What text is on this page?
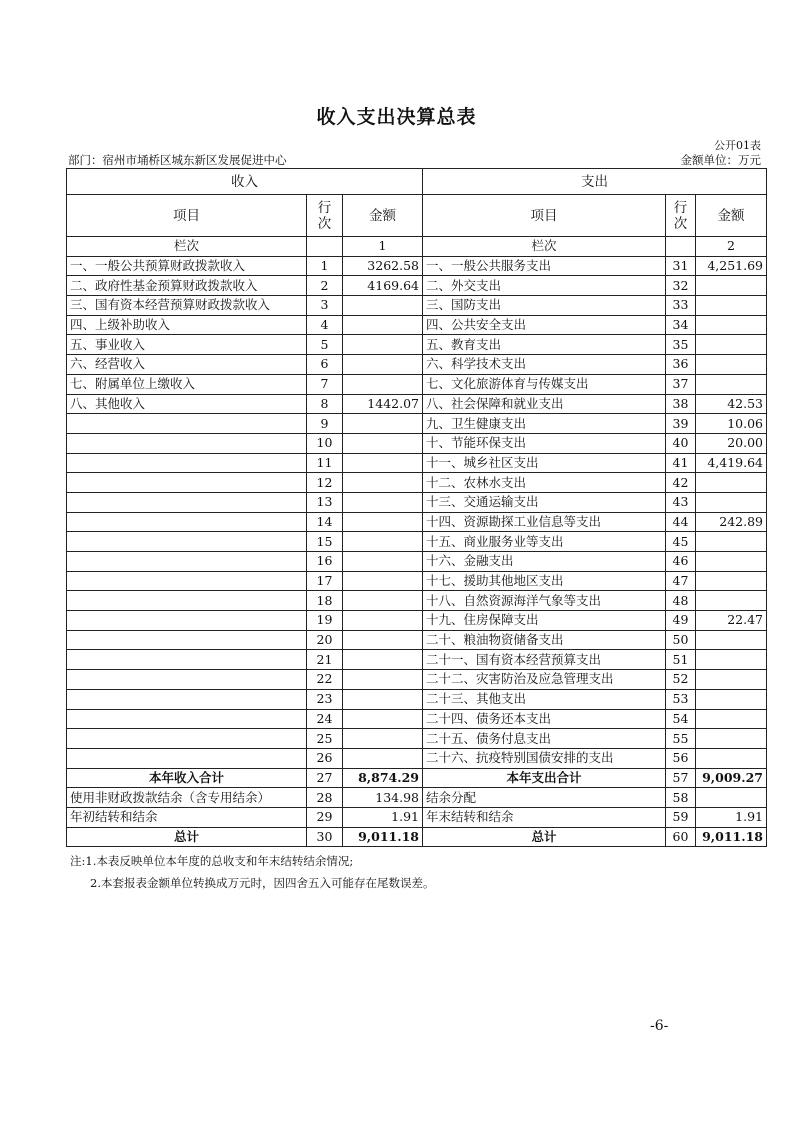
收入支出决算总表
公开01表
部门：宿州市埇桥区城东新区发展促进中心	金额单位：万元
收入			支出		
项目	行次	金额	项目	行次	金额
栏次		1	栏次		2
一、一般公共预算财政拨款收入	1	3262.58	一、一般公共服务支出	31	4,251.69
二、政府性基金预算财政拨款收入	2	4169.64	二、外交支出	32	
三、国有资本经营预算财政拨款收入	3		三、国防支出	33	
四、上级补助收入	4		四、公共安全支出	34	
五、事业收入	5		五、教育支出	35	
六、经营收入	6		六、科学技术支出	36	
七、附属单位上缴收入	7		七、文化旅游体育与传媒支出	37	
八、其他收入	8	1442.07	八、社会保障和就业支出	38	42.53
	9		九、卫生健康支出	39	10.06
	10		十、节能环保支出	40	20.00
	11		十一、城乡社区支出	41	4,419.64
	12		十二、农林水支出	42	
	13		十三、交通运输支出	43	
	14		十四、资源勘探工业信息等支出	44	242.89
	15		十五、商业服务业等支出	45	
	16		十六、金融支出	46	
	17		十七、援助其他地区支出	47	
	18		十八、自然资源海洋气象等支出	48	
	19		十九、住房保障支出	49	22.47
	20		二十、粮油物资储备支出	50	
	21		二十一、国有资本经营预算支出	51	
	22		二十二、灾害防治及应急管理支出	52	
	23		二十三、其他支出	53	
	24		二十四、债务还本支出	54	
	25		二十五、债务付息支出	55	
	26		二十六、抗疫特别国债安排的支出	56	
本年收入合计	27	8,874.29	本年支出合计	57	9,009.27
使用非财政拨款结余（含专用结余）	28	134.98	结余分配	58	
年初结转和结余	29	1.91	年末结转和结余	59	1.91
总计	30	9,011.18	总计	60	9,011.18
注:1.本表反映单位本年度的总收支和年末结转结余情况;
2.本套报表金额单位转换成万元时，因四舍五入可能存在尾数误差。
-6-
